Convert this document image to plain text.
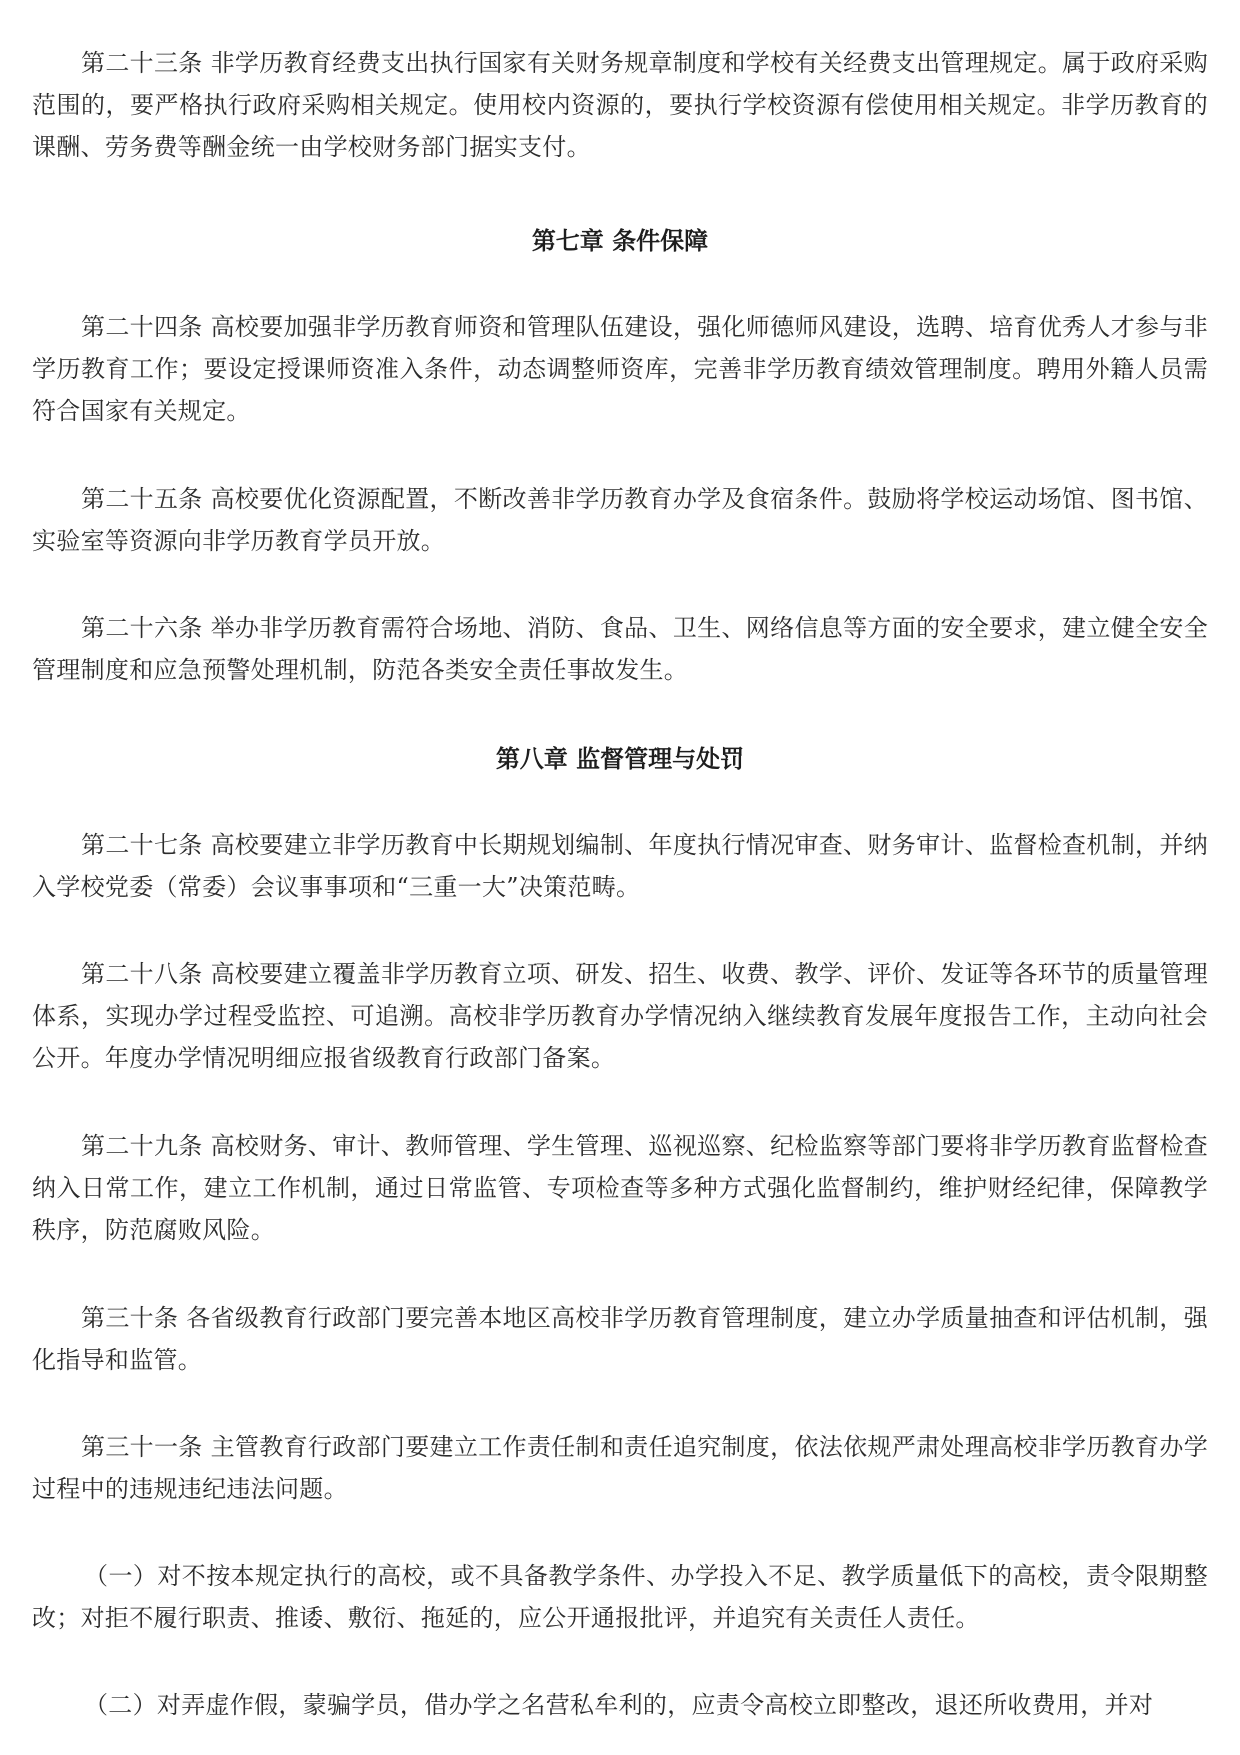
第二十三条 非学历教育经费支出执行国家有关财务规章制度和学校有关经费支出管理规定。属于政府采购范围的，要严格执行政府采购相关规定。使用校内资源的，要执行学校资源有偿使用相关规定。非学历教育的课酬、劳务费等酬金统一由学校财务部门据实支付。

第七章 条件保障

第二十四条 高校要加强非学历教育师资和管理队伍建设，强化师德师风建设，选聘、培育优秀人才参与非学历教育工作；要设定授课师资准入条件，动态调整师资库，完善非学历教育绩效管理制度。聘用外籍人员需符合国家有关规定。

第二十五条 高校要优化资源配置，不断改善非学历教育办学及食宿条件。鼓励将学校运动场馆、图书馆、实验室等资源向非学历教育学员开放。

第二十六条 举办非学历教育需符合场地、消防、食品、卫生、网络信息等方面的安全要求，建立健全安全管理制度和应急预警处理机制，防范各类安全责任事故发生。

第八章 监督管理与处罚

第二十七条 高校要建立非学历教育中长期规划编制、年度执行情况审查、财务审计、监督检查机制，并纳入学校党委（常委）会议事事项和“三重一大”决策范畴。

第二十八条 高校要建立覆盖非学历教育立项、研发、招生、收费、教学、评价、发证等各环节的质量管理体系，实现办学过程受监控、可追溯。高校非学历教育办学情况纳入继续教育发展年度报告工作，主动向社会公开。年度办学情况明细应报省级教育行政部门备案。

第二十九条 高校财务、审计、教师管理、学生管理、巡视巡察、纪检监察等部门要将非学历教育监督检查纳入日常工作，建立工作机制，通过日常监管、专项检查等多种方式强化监督制约，维护财经纪律，保障教学秩序，防范腐败风险。

第三十条 各省级教育行政部门要完善本地区高校非学历教育管理制度，建立办学质量抽查和评估机制，强化指导和监管。

第三十一条 主管教育行政部门要建立工作责任制和责任追究制度，依法依规严肃处理高校非学历教育办学过程中的违规违纪违法问题。

（一）对不按本规定执行的高校，或不具备教学条件、办学投入不足、教学质量低下的高校，责令限期整改；对拒不履行职责、推诿、敷衍、拖延的，应公开通报批评，并追究有关责任人责任。

（二）对弄虚作假，蒙骗学员，借办学之名营私牟利的，应责令高校立即整改，退还所收费用，并对
